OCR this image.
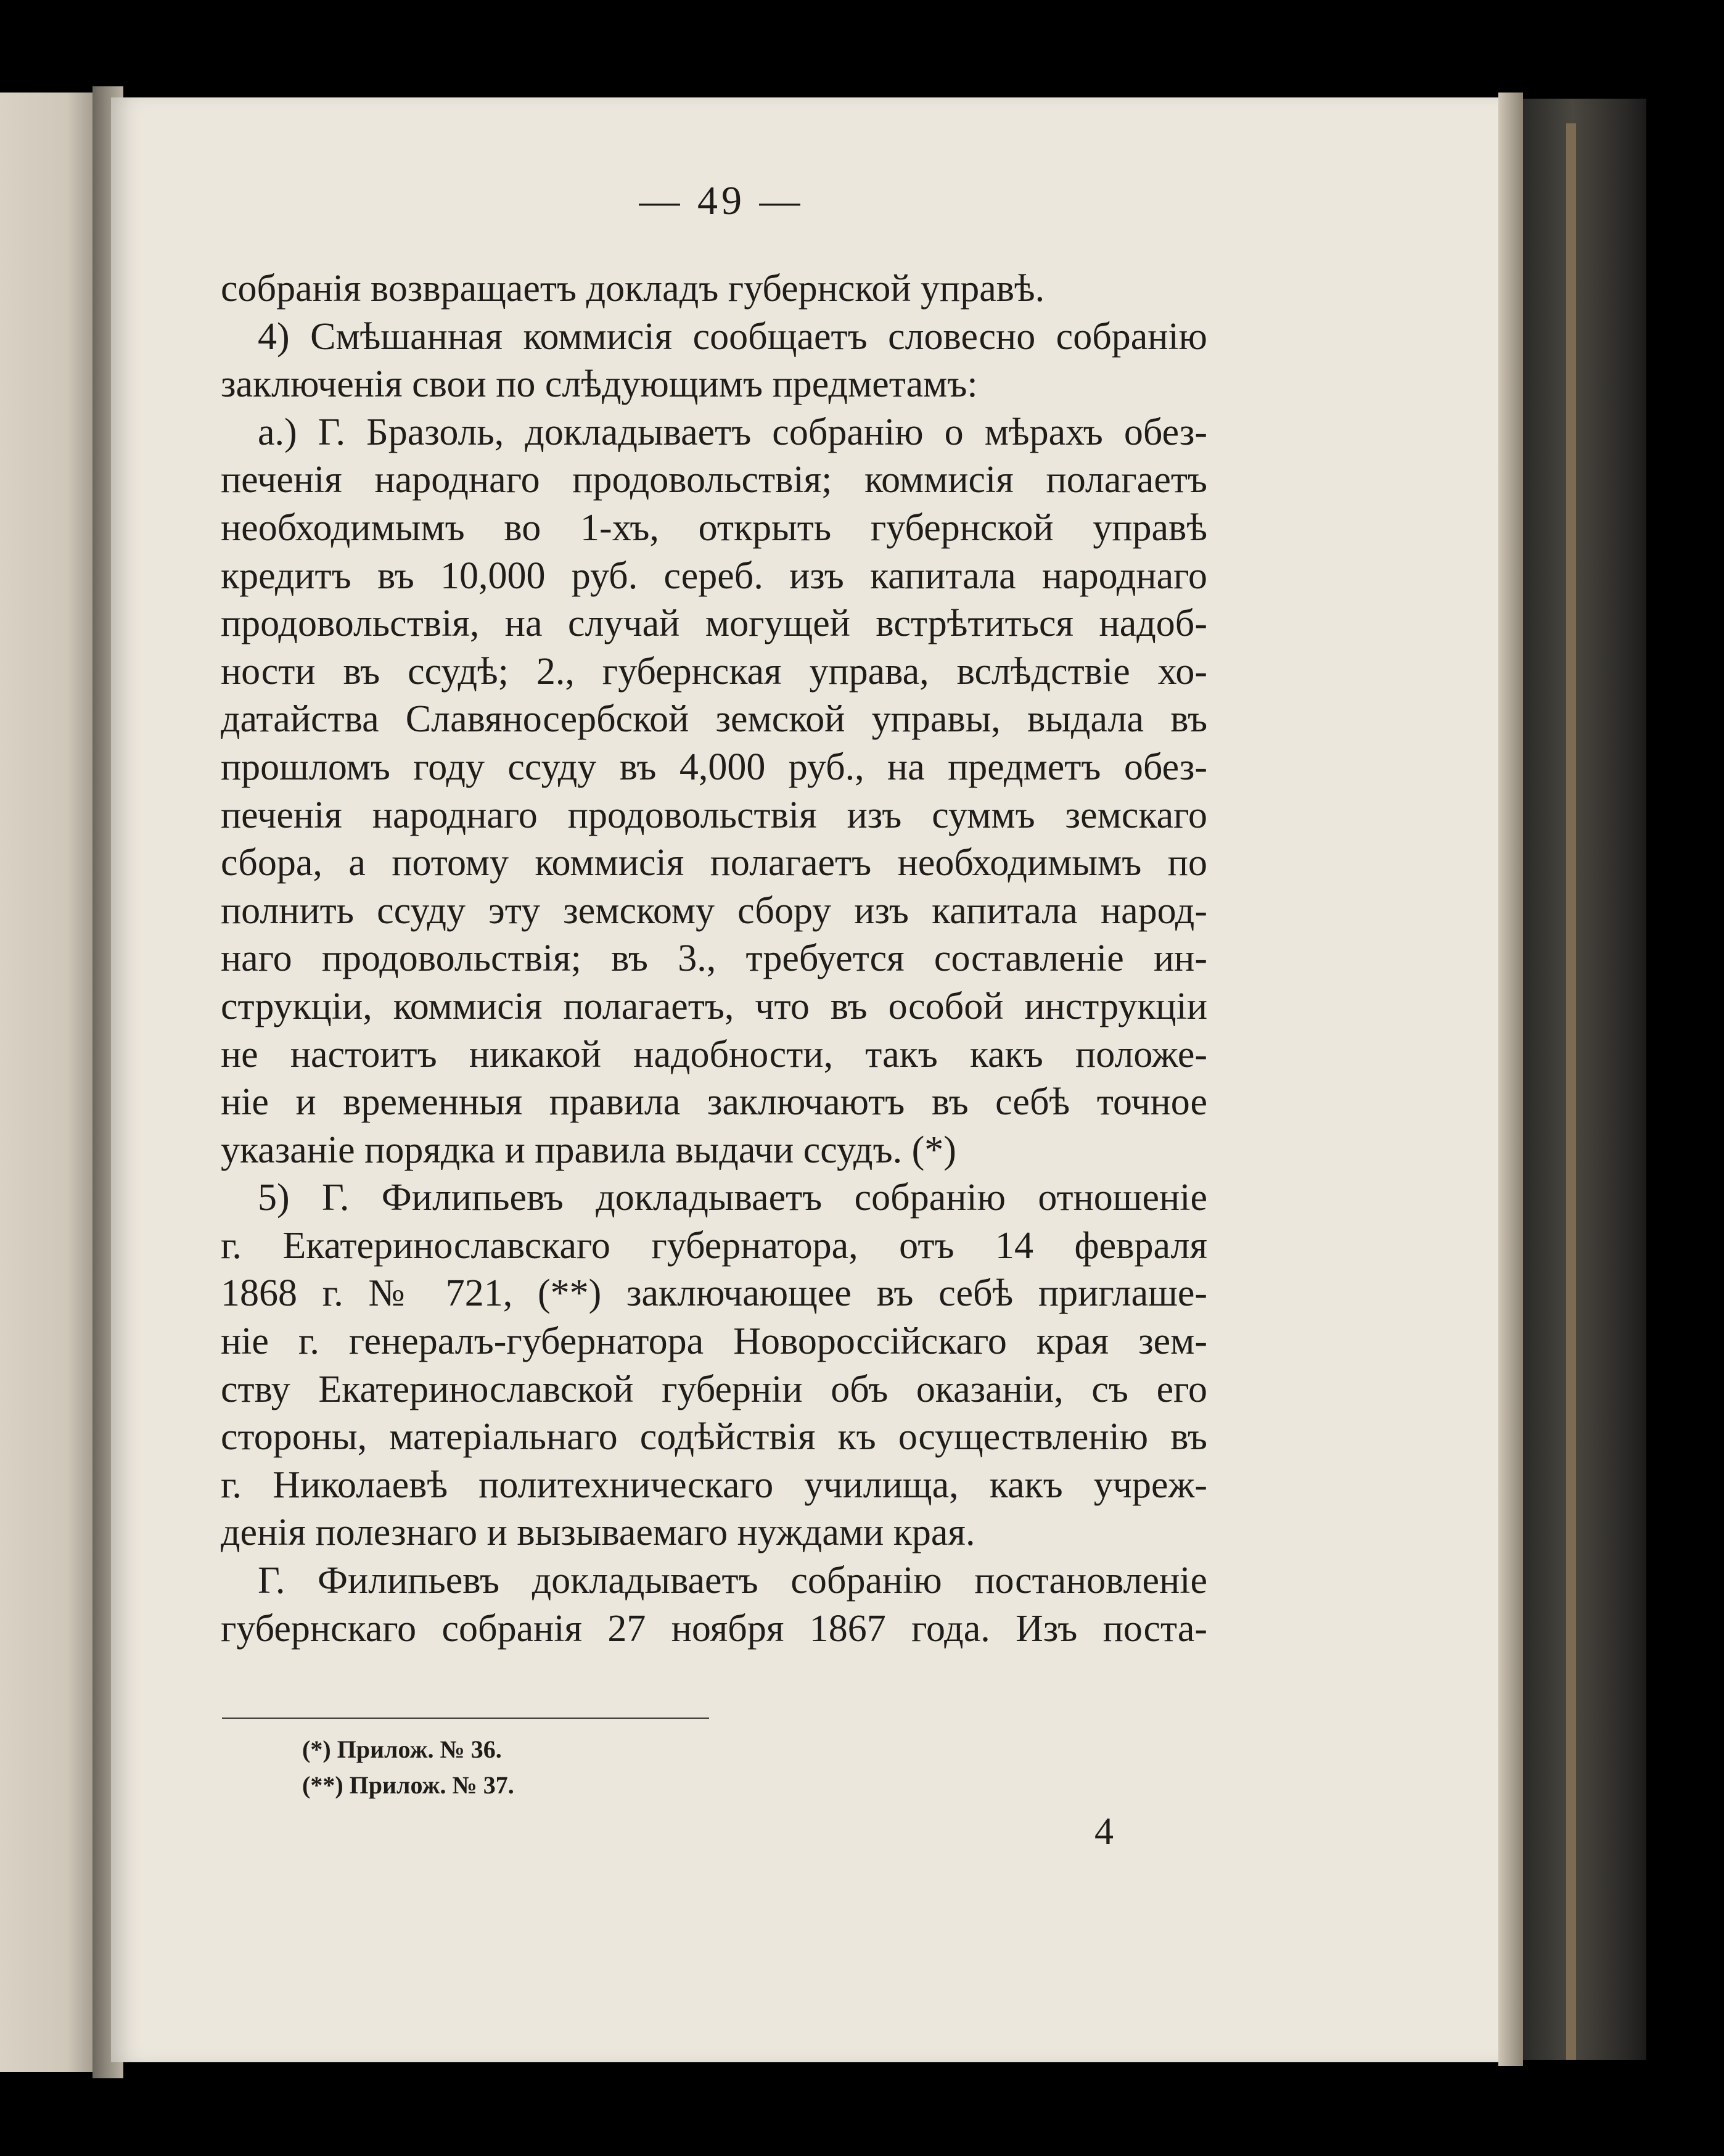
— 49 —
собранія возвращаетъ докладъ губернской управѣ.
4) Смѣшанная коммисія сообщаетъ словесно собранію
заключенія свои по слѣдующимъ предметамъ:
а.) Г. Бразоль, докладываетъ собранію о мѣрахъ обез-
печенія народнаго продовольствія; коммисія полагаетъ
необходимымъ во 1-хъ, открыть губернской управѣ
кредитъ въ 10,000 руб. сереб. изъ капитала народнаго
продовольствія, на случай могущей встрѣтиться надоб-
ности въ ссудѣ; 2., губернская управа, вслѣдствіе хо-
датайства Славяносербской земской управы, выдала въ
прошломъ году ссуду въ 4,000 руб., на предметъ обез-
печенія народнаго продовольствія изъ суммъ земскаго
сбора, а потому коммисія полагаетъ необходимымъ по
полнить ссуду эту земскому сбору изъ капитала народ-
наго продовольствія; въ 3., требуется составленіе ин-
струкціи, коммисія полагаетъ, что въ особой инструкціи
не настоитъ никакой надобности, такъ какъ положе-
ніе и временныя правила заключаютъ въ себѣ точное
указаніе порядка и правила выдачи ссудъ. (*)
5) Г. Филипьевъ докладываетъ собранію отношеніе
г. Екатеринославскаго губернатора, отъ 14 февраля
1868 г. № 721, (**) заключающее въ себѣ приглаше-
ніе г. генералъ-губернатора Новороссійскаго края зем-
ству Екатеринославской губерніи объ оказаніи, съ его
стороны, матеріальнаго содѣйствія къ осуществленію въ
г. Николаевѣ политехническаго училища, какъ учреж-
денія полезнаго и вызываемаго нуждами края.
Г. Филипьевъ докладываетъ собранію постановленіе
губернскаго собранія 27 ноября 1867 года. Изъ поста-
(*) Прилож. № 36.
(**) Прилож. № 37.
4
